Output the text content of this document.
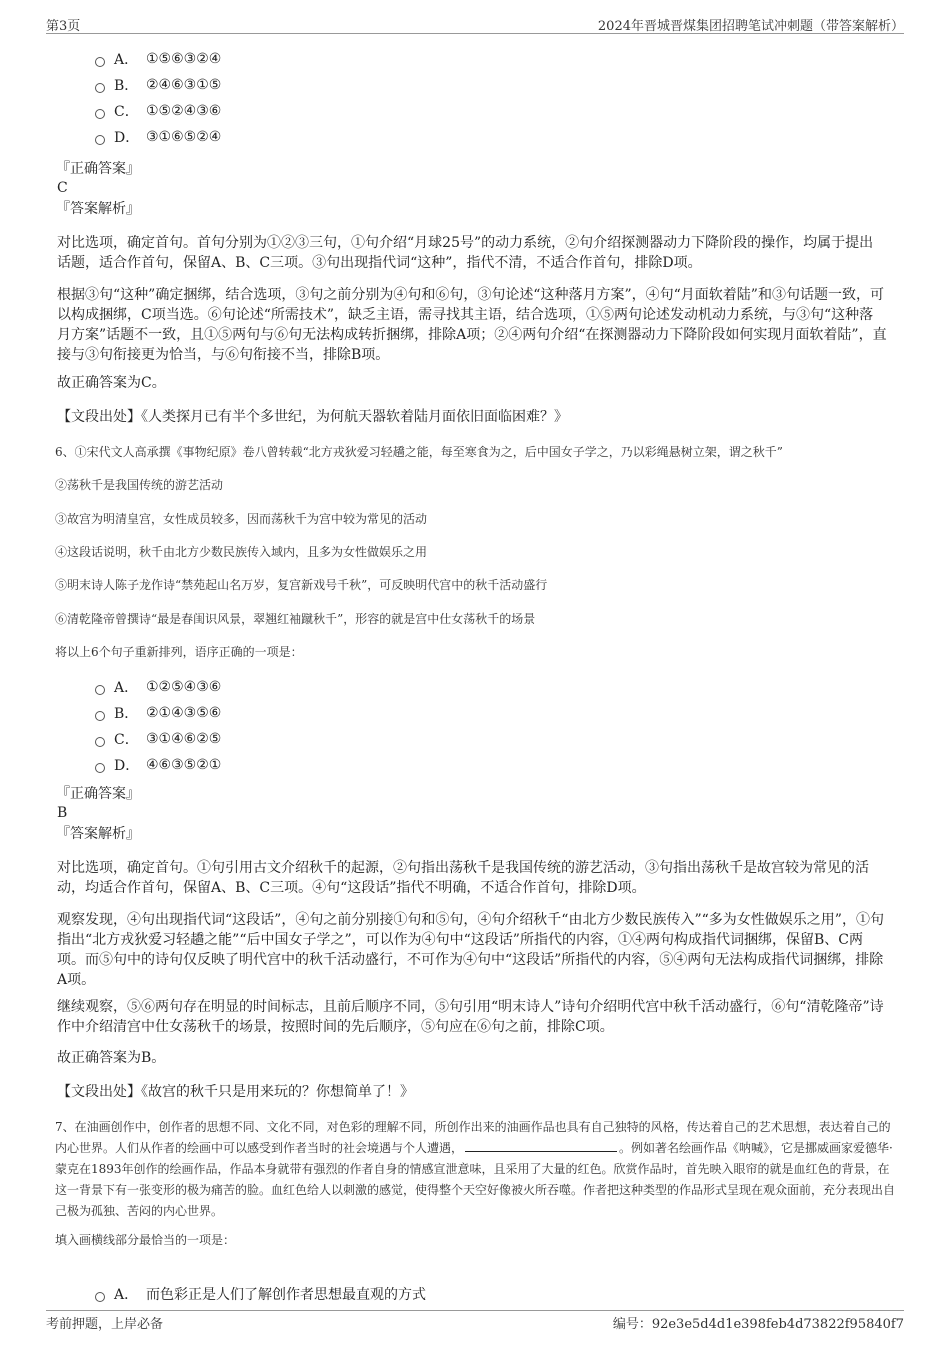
第3页	2024年晋城晋煤集团招聘笔试冲刺题（带答案解析）
A． ①⑤⑥③②④
B． ②④⑥③①⑤
C． ①⑤②④③⑥
D． ③①⑥⑤②④
『正确答案』
C
『答案解析』
对比选项，确定首句。首句分别为①②③三句，①句介绍“月球25号”的动力系统，②句介绍探测器动力下降阶段的操作，均属于提出话题，适合作首句，保留A、B、C三项。③句出现指代词“这种”，指代不清，不适合作首句，排除D项。
根据③句“这种”确定捆绑，结合选项，③句之前分别为④句和⑥句，③句论述“这种落月方案”，④句“月面软着陆”和③句话题一致，可以构成捆绑，C项当选。⑥句论述“所需技术”，缺乏主语，需寻找其主语，结合选项，①⑤两句论述发动机动力系统，与③句“这种落月方案”话题不一致，且①⑤两句与⑥句无法构成转折捆绑，排除A项；②④两句介绍“在探测器动力下降阶段如何实现月面软着陆”，直接与③句衔接更为恰当，与⑥句衔接不当，排除B项。
故正确答案为C。
【文段出处】《人类探月已有半个多世纪，为何航天器软着陆月面依旧面临困难？》
6、①宋代文人高承撰《事物纪原》卷八曾转载“北方戎狄爱习轻趫之能，每至寒食为之，后中国女子学之，乃以彩绳悬树立架，谓之秋千”
②荡秋千是我国传统的游艺活动
③故宫为明清皇宫，女性成员较多，因而荡秋千为宫中较为常见的活动
④这段话说明，秋千由北方少数民族传入域内，且多为女性做娱乐之用
⑤明末诗人陈子龙作诗“禁苑起山名万岁，复宫新戏号千秋”，可反映明代宫中的秋千活动盛行
⑥清乾隆帝曾撰诗“最是春闺识风景，翠翘红袖蹴秋千”，形容的就是宫中仕女荡秋千的场景
将以上6个句子重新排列，语序正确的一项是：
A． ①②⑤④③⑥
B． ②①④③⑤⑥
C． ③①④⑥②⑤
D． ④⑥③⑤②①
『正确答案』
B
『答案解析』
对比选项，确定首句。①句引用古文介绍秋千的起源，②句指出荡秋千是我国传统的游艺活动，③句指出荡秋千是故宫较为常见的活动，均适合作首句，保留A、B、C三项。④句“这段话”指代不明确，不适合作首句，排除D项。
观察发现，④句出现指代词“这段话”，④句之前分别接①句和⑤句，④句介绍秋千“由北方少数民族传入”“多为女性做娱乐之用”，①句指出“北方戎狄爱习轻趫之能”“后中国女子学之”，可以作为④句中“这段话”所指代的内容，①④两句构成指代词捆绑，保留B、C两项。而⑤句中的诗句仅反映了明代宫中的秋千活动盛行，不可作为④句中“这段话”所指代的内容，⑤④两句无法构成指代词捆绑，排除A项。
继续观察，⑤⑥两句存在明显的时间标志，且前后顺序不同，⑤句引用“明末诗人”诗句介绍明代宫中秋千活动盛行，⑥句“清乾隆帝”诗作中介绍清宫中仕女荡秋千的场景，按照时间的先后顺序，⑤句应在⑥句之前，排除C项。
故正确答案为B。
【文段出处】《故宫的秋千只是用来玩的？你想简单了！》
7、在油画创作中，创作者的思想不同、文化不同，对色彩的理解不同，所创作出来的油画作品也具有自己独特的风格，传达着自己的艺术思想，表达着自己的内心世界。人们从作者的绘画中可以感受到作者当时的社会境遇与个人遭遇，	。例如著名绘画作品《呐喊》，它是挪威画家爱德华·蒙克在1893年创作的绘画作品，作品本身就带有强烈的作者自身的情感宣泄意味，且采用了大量的红色。欣赏作品时，首先映入眼帘的就是血红色的背景，在这一背景下有一张变形的极为痛苦的脸。血红色给人以刺激的感觉，使得整个天空好像被火所吞噬。作者把这种类型的作品形式呈现在观众面前，充分表现出自己极为孤独、苦闷的内心世界。
填入画横线部分最恰当的一项是：
A． 而色彩正是人们了解创作者思想最直观的方式
考前押题，上岸必备	编号：92e3e5d4d1e398feb4d73822f95840f7
